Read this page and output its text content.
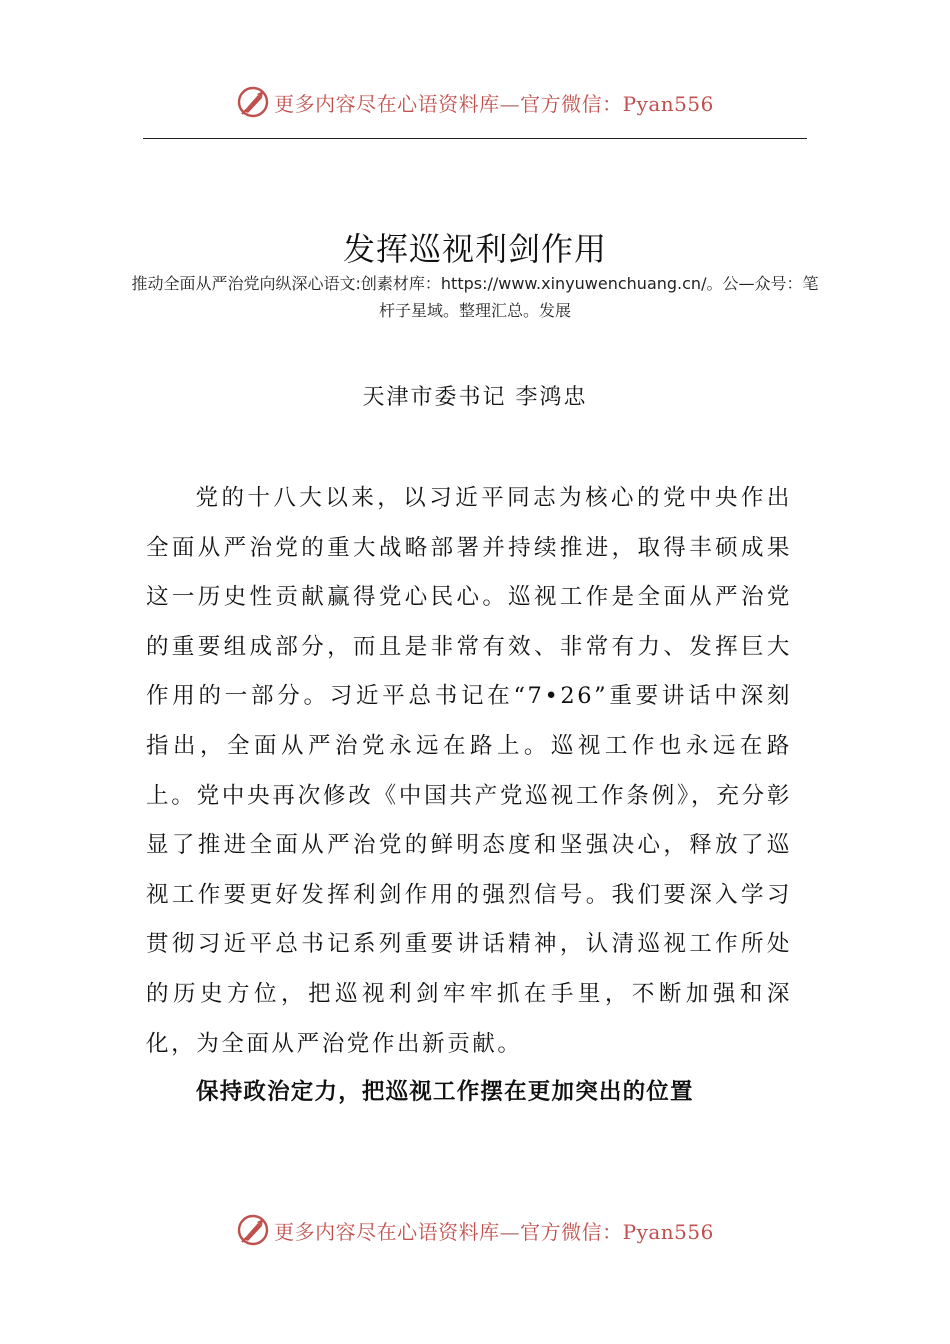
更多内容尽在心语资料库—官方微信：Pyan556
发挥巡视利剑作用
推动全面从严治党向纵深心语文:创素材库：https://www.xinyuwenchuang.cn/。公—众号：笔杆子星域。整理汇总。发展
天津市委书记 李鸿忠
党的十八大以来，以习近平同志为核心的党中央作出全面从严治党的重大战略部署并持续推进，取得丰硕成果这一历史性贡献赢得党心民心。巡视工作是全面从严治党的重要组成部分，而且是非常有效、非常有力、发挥巨大作用的一部分。习近平总书记在“7•26”重要讲话中深刻指出，全面从严治党永远在路上。巡视工作也永远在路上。党中央再次修改《中国共产党巡视工作条例》，充分彰显了推进全面从严治党的鲜明态度和坚强决心，释放了巡视工作要更好发挥利剑作用的强烈信号。我们要深入学习贯彻习近平总书记系列重要讲话精神，认清巡视工作所处的历史方位，把巡视利剑牢牢抓在手里，不断加强和深化，为全面从严治党作出新贡献。
保持政治定力，把巡视工作摆在更加突出的位置
更多内容尽在心语资料库—官方微信：Pyan556
